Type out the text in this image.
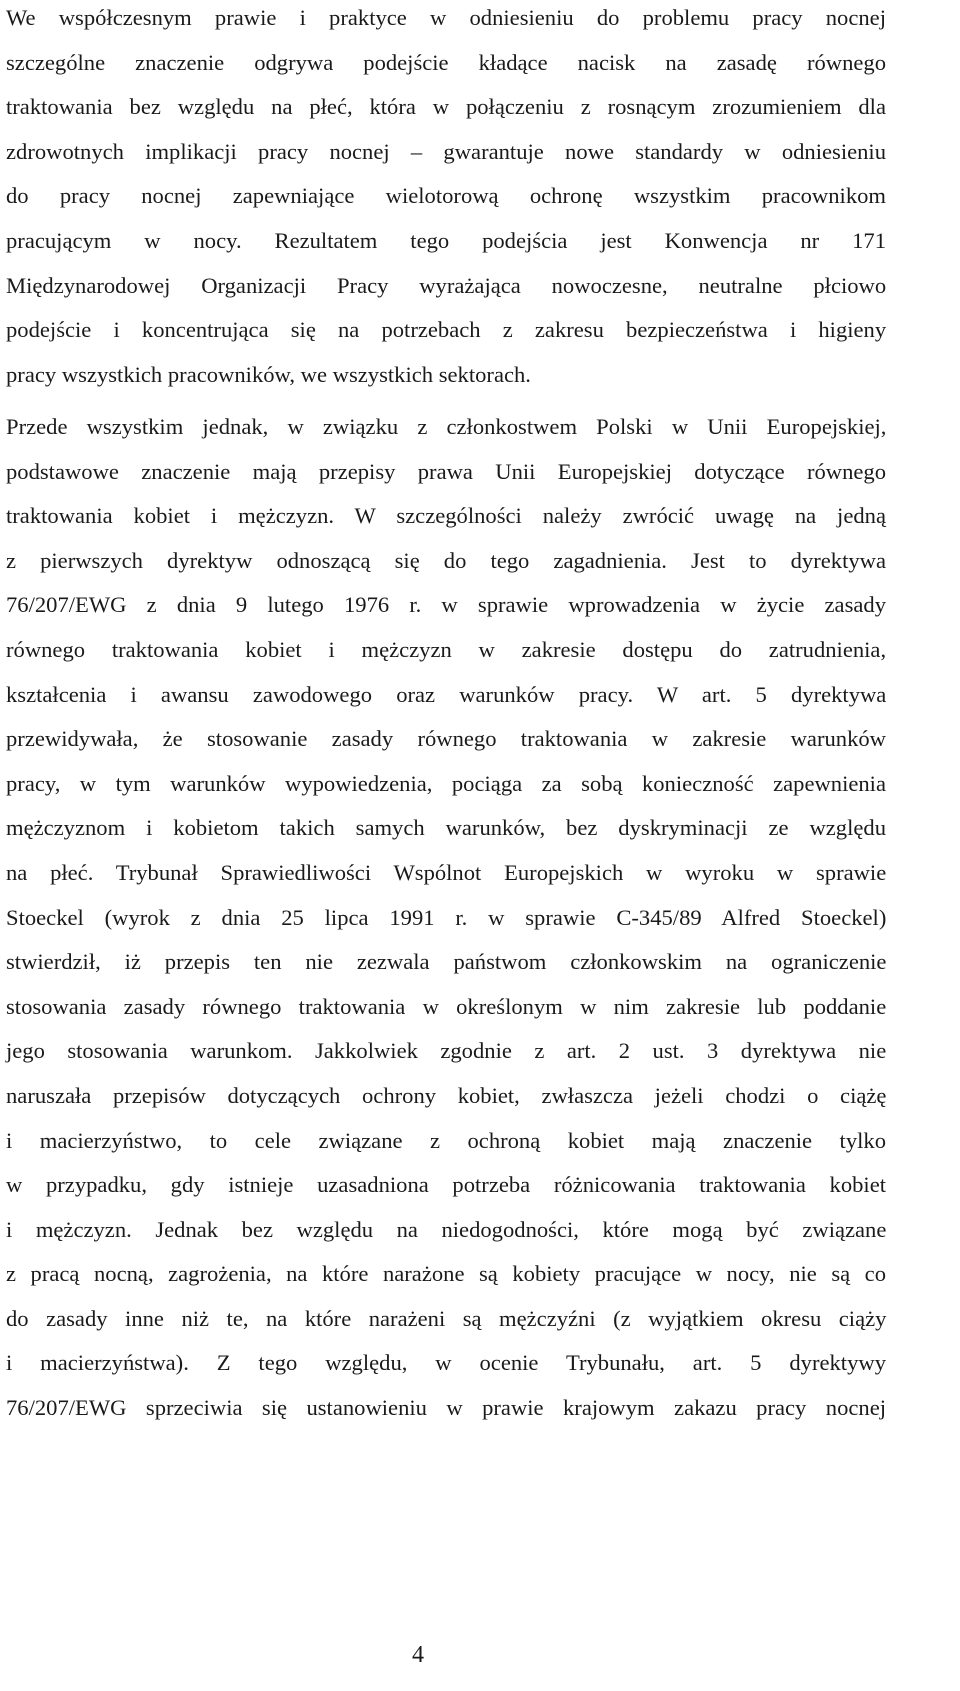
We współczesnym prawie i praktyce w odniesieniu do problemu pracy nocnej
szczególne znaczenie odgrywa podejście kładące nacisk na zasadę równego
traktowania bez względu na płeć, która w połączeniu z rosnącym zrozumieniem dla
zdrowotnych implikacji pracy nocnej – gwarantuje nowe standardy w odniesieniu
do pracy nocnej zapewniające wielotorową ochronę wszystkim pracownikom
pracującym w nocy. Rezultatem tego podejścia jest Konwencja nr 171
Międzynarodowej Organizacji Pracy wyrażająca nowoczesne, neutralne płciowo
podejście i koncentrująca się na potrzebach z zakresu bezpieczeństwa i higieny
pracy wszystkich pracowników, we wszystkich sektorach.
Przede wszystkim jednak, w związku z członkostwem Polski w Unii Europejskiej,
podstawowe znaczenie mają przepisy prawa Unii Europejskiej dotyczące równego
traktowania kobiet i mężczyzn. W szczególności należy zwrócić uwagę na jedną
z pierwszych dyrektyw odnoszącą się do tego zagadnienia. Jest to dyrektywa
76/207/EWG z dnia 9 lutego 1976 r. w sprawie wprowadzenia w życie zasady
równego traktowania kobiet i mężczyzn w zakresie dostępu do zatrudnienia,
kształcenia i awansu zawodowego oraz warunków pracy. W art. 5 dyrektywa
przewidywała, że stosowanie zasady równego traktowania w zakresie warunków
pracy, w tym warunków wypowiedzenia, pociąga za sobą konieczność zapewnienia
mężczyznom i kobietom takich samych warunków, bez dyskryminacji ze względu
na płeć. Trybunał Sprawiedliwości Wspólnot Europejskich w wyroku w sprawie
Stoeckel (wyrok z dnia 25 lipca 1991 r. w sprawie C-345/89 Alfred Stoeckel)
stwierdził, iż przepis ten nie zezwala państwom członkowskim na ograniczenie
stosowania zasady równego traktowania w określonym w nim zakresie lub poddanie
jego stosowania warunkom. Jakkolwiek zgodnie z art. 2 ust. 3 dyrektywa nie
naruszała przepisów dotyczących ochrony kobiet, zwłaszcza jeżeli chodzi o ciążę
i macierzyństwo, to cele związane z ochroną kobiet mają znaczenie tylko
w przypadku, gdy istnieje uzasadniona potrzeba różnicowania traktowania kobiet
i mężczyzn. Jednak bez względu na niedogodności, które mogą być związane
z pracą nocną, zagrożenia, na które narażone są kobiety pracujące w nocy, nie są co
do zasady inne niż te, na które narażeni są mężczyźni (z wyjątkiem okresu ciąży
i macierzyństwa). Z tego względu, w ocenie Trybunału, art. 5 dyrektywy
76/207/EWG sprzeciwia się ustanowieniu w prawie krajowym zakazu pracy nocnej
4
